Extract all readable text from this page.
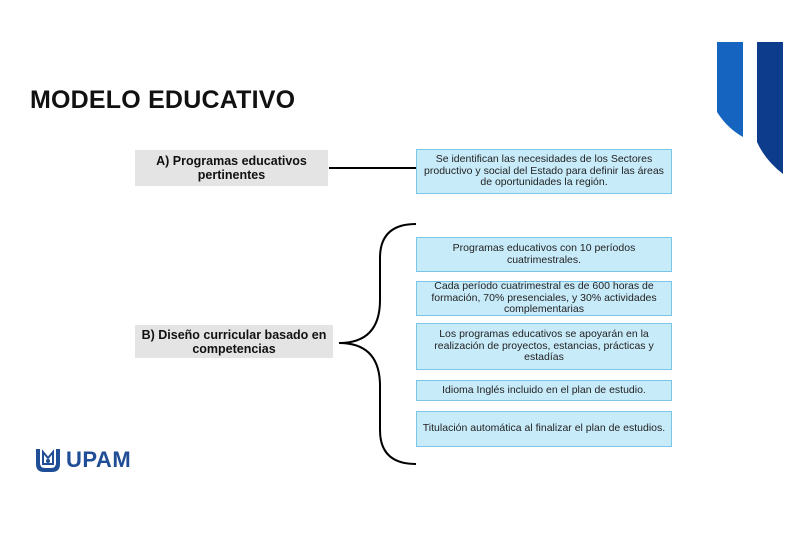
MODELO EDUCATIVO
A) Programas educativos pertinentes
Se identifican las necesidades de los Sectores productivo y social del Estado para definir las áreas de oportunidades la región.
B) Diseño curricular basado en competencias
Programas educativos con 10 períodos cuatrimestrales.
Cada período cuatrimestral es de 600 horas de formación, 70% presenciales, y 30% actividades complementarias
Los programas educativos se apoyarán en la realización de proyectos, estancias, prácticas y estadías
Idioma Inglés incluido en el plan de estudio.
Titulación automática al finalizar el plan de estudios.
UPAM
